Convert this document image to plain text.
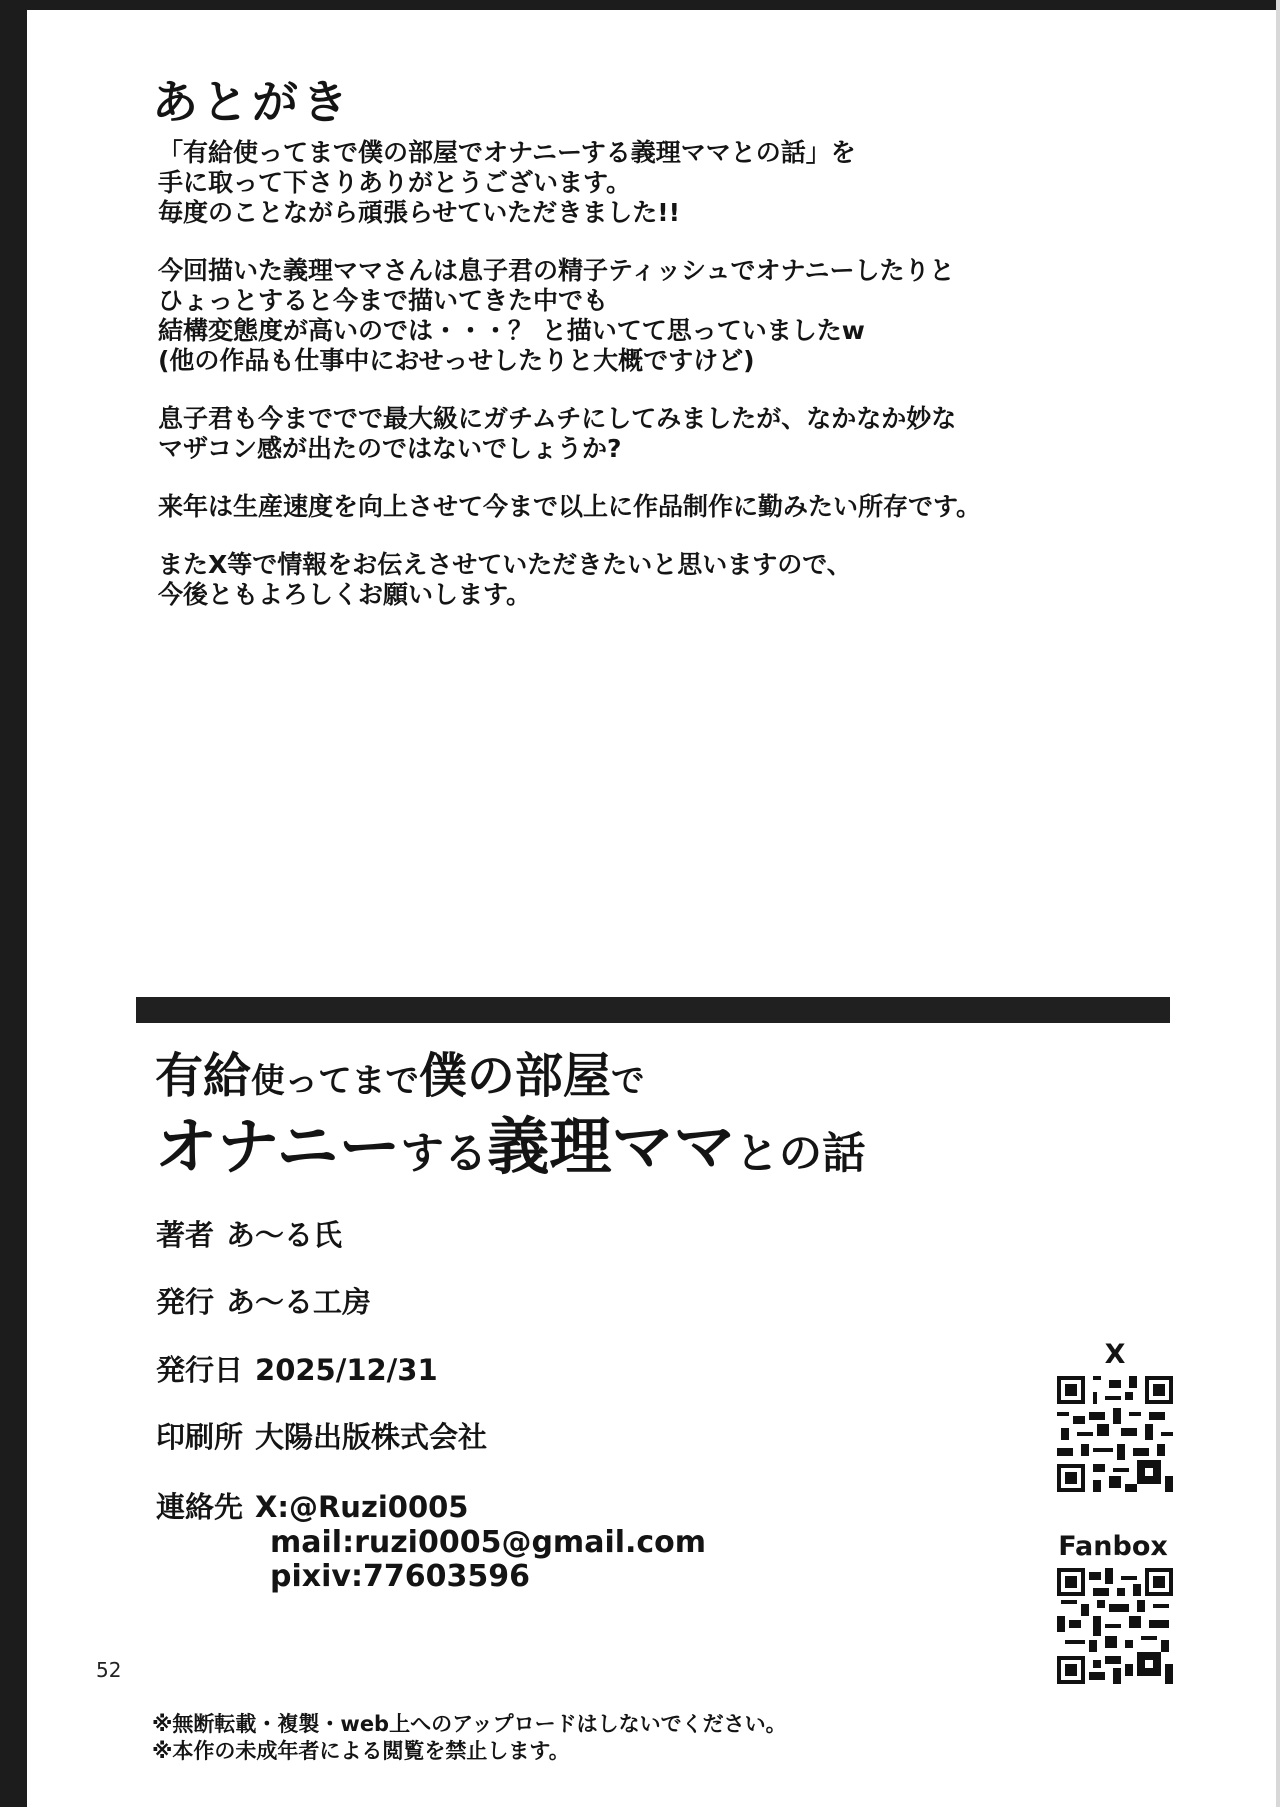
あとがき

「有給使ってまで僕の部屋でオナニーする義理ママとの話」を
手に取って下さりありがとうございます。
毎度のことながら頑張らせていただきました!!

今回描いた義理ママさんは息子君の精子ティッシュでオナニーしたりと
ひょっとすると今まで描いてきた中でも
結構変態度が高いのでは・・・？ と描いてて思っていましたw
(他の作品も仕事中におせっせしたりと大概ですけど)

息子君も今まででで最大級にガチムチにしてみましたが、なかなか妙な
マザコン感が出たのではないでしょうか?

来年は生産速度を向上させて今まで以上に作品制作に勤みたい所存です。

またX等で情報をお伝えさせていただきたいと思いますので、
今後ともよろしくお願いします。

有給使ってまで僕の部屋で
オナニーする義理ママとの話
著者 あ～る氏
発行 あ～る工房
発行日 2025/12/31
印刷所 大陽出版株式会社
連絡先 X:@Ruzi0005
mail:ruzi0005@gmail.com
pixiv:77603596
X
Fanbox
52
※無断転載・複製・web上へのアップロードはしないでください。
※本作の未成年者による閲覧を禁止します。
